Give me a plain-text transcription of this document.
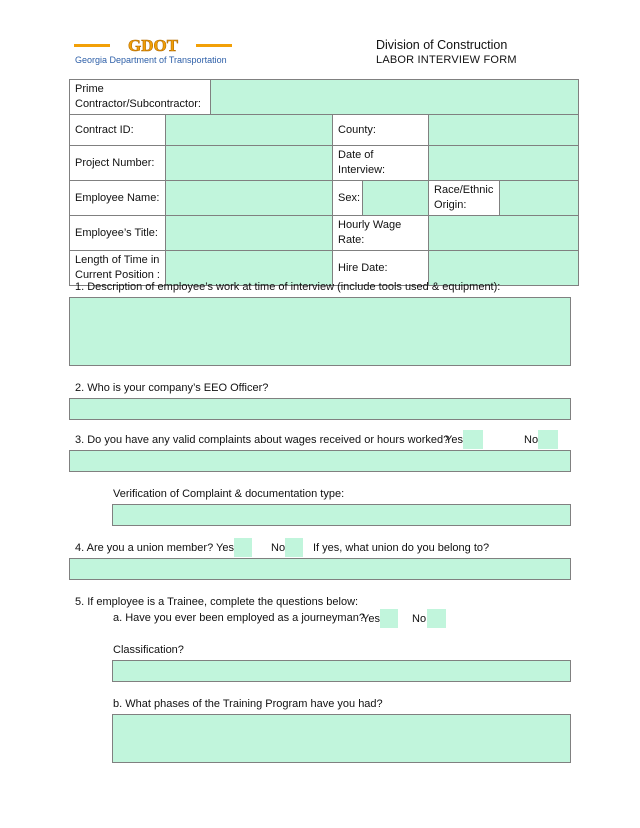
GDOT
Georgia Department of Transportation
Division of Construction
LABOR INTERVIEW FORM
Prime Contractor/Subcontractor:						
Contract ID:			County:			
Project Number:			Date of Interview:			
Employee Name:			Sex:		Race/Ethnic Origin:	
Employee’s Title:			Hourly Wage Rate:			
Length of Time in Current Position :			Hire Date:			
1. Description of employee’s work at time of interview (include tools used & equipment):
2. Who is your company’s EEO Officer?
3. Do you have any valid complaints about wages received or hours worked?
Yes	No
Verification of Complaint & documentation type:
4. Are you a union member? Yes	No	If yes, what union do you belong to?
5. If employee is a Trainee, complete the questions below:
a. Have you ever been employed as a journeyman?
Yes	No
Classification?
b. What phases of the Training Program have you had?
